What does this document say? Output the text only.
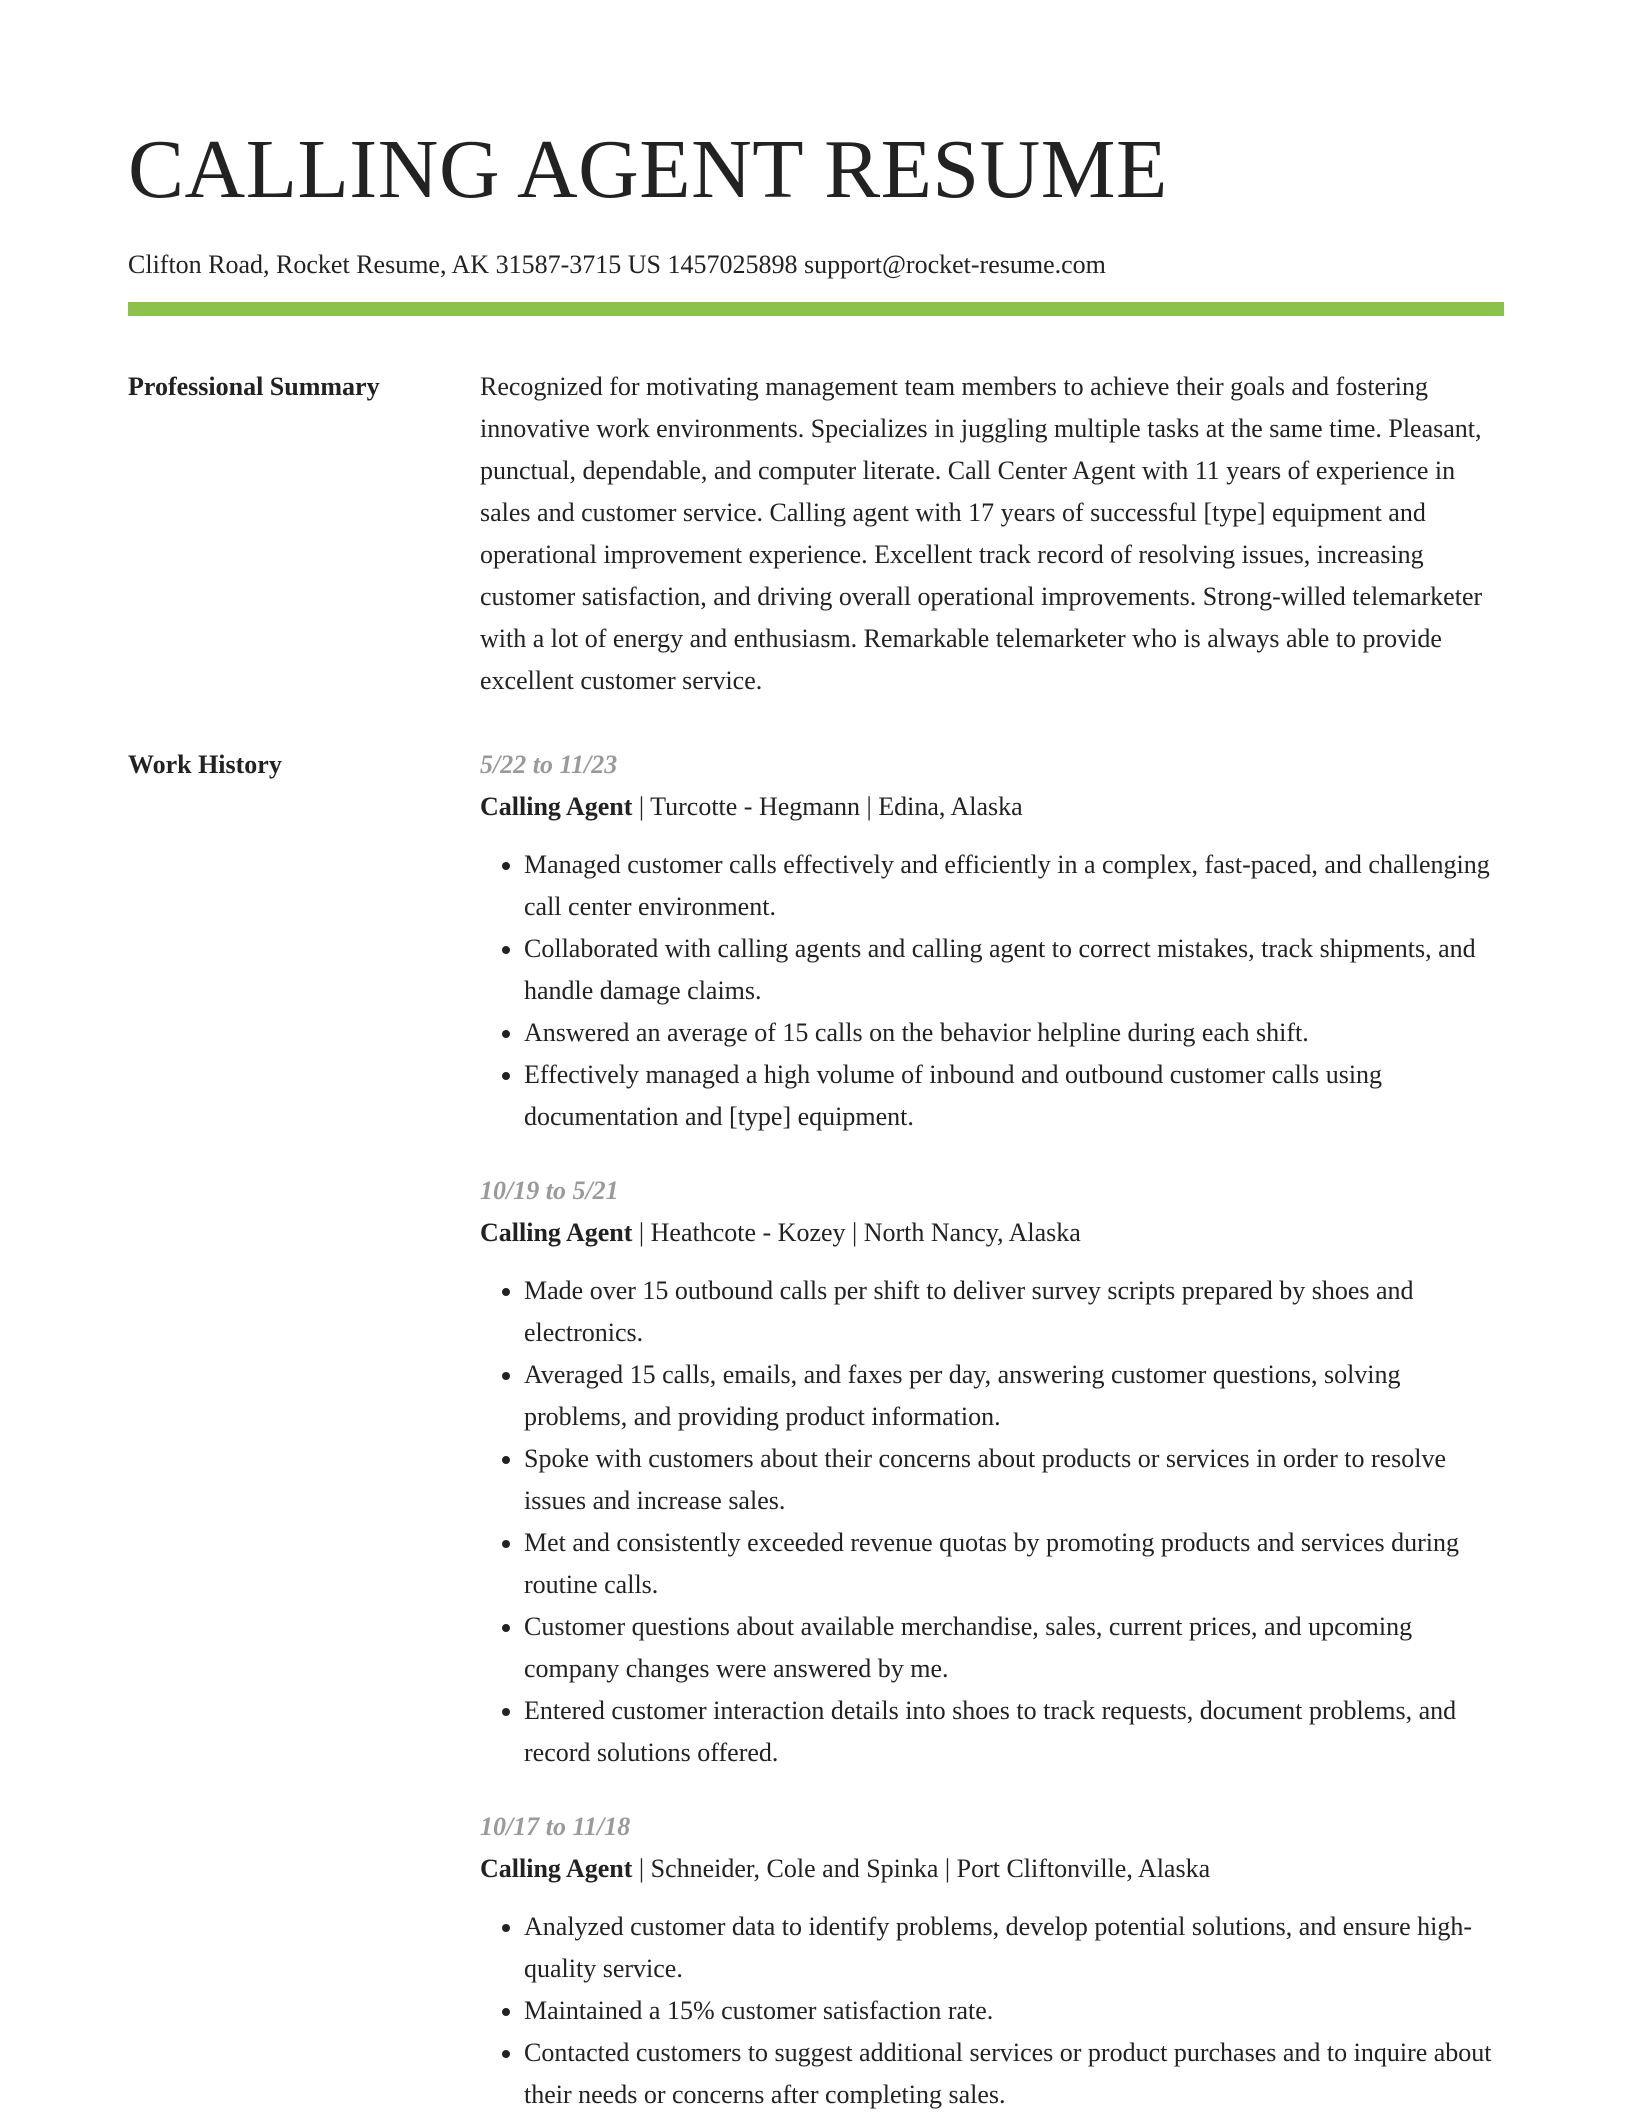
CALLING AGENT RESUME
Clifton Road, Rocket Resume, AK 31587-3715 US 1457025898 support@rocket-resume.com
Professional Summary	Recognized for motivating management team members to achieve their goals and fostering innovative work environments. Specializes in juggling multiple tasks at the same time. Pleasant, punctual, dependable, and computer literate. Call Center Agent with 11 years of experience in sales and customer service. Calling agent with 17 years of successful [type] equipment and operational improvement experience. Excellent track record of resolving issues, increasing customer satisfaction, and driving overall operational improvements. Strong-willed telemarketer with a lot of energy and enthusiasm. Remarkable telemarketer who is always able to provide excellent customer service.

Work History	5/22 to 11/23
Calling Agent | Turcotte - Hegmann | Edina, Alaska
• Managed customer calls effectively and efficiently in a complex, fast-paced, and challenging call center environment.
• Collaborated with calling agents and calling agent to correct mistakes, track shipments, and handle damage claims.
• Answered an average of 15 calls on the behavior helpline during each shift.
• Effectively managed a high volume of inbound and outbound customer calls using documentation and [type] equipment.
10/19 to 5/21
Calling Agent | Heathcote - Kozey | North Nancy, Alaska
• Made over 15 outbound calls per shift to deliver survey scripts prepared by shoes and electronics.
• Averaged 15 calls, emails, and faxes per day, answering customer questions, solving problems, and providing product information.
• Spoke with customers about their concerns about products or services in order to resolve issues and increase sales.
• Met and consistently exceeded revenue quotas by promoting products and services during routine calls.
• Customer questions about available merchandise, sales, current prices, and upcoming company changes were answered by me.
• Entered customer interaction details into shoes to track requests, document problems, and record solutions offered.
10/17 to 11/18
Calling Agent | Schneider, Cole and Spinka | Port Cliftonville, Alaska
• Analyzed customer data to identify problems, develop potential solutions, and ensure high-quality service.
• Maintained a 15% customer satisfaction rate.
• Contacted customers to suggest additional services or product purchases and to inquire about their needs or concerns after completing sales.
